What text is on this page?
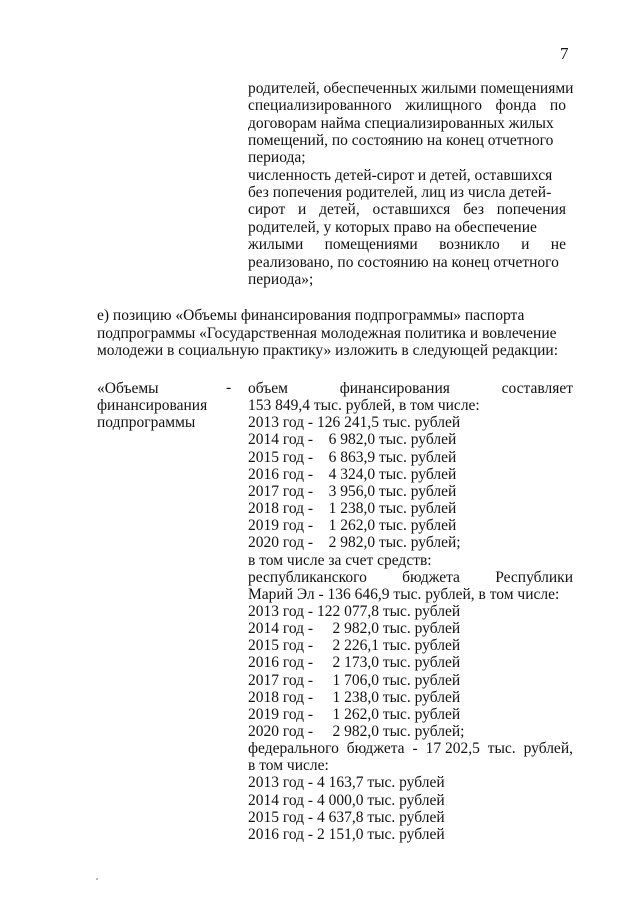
7
родителей, обеспеченных жилыми помещениями
специализированного жилищного фонда по
договорам найма специализированных жилых
помещений, по состоянию на конец отчетного
периода;
численность детей-сирот и детей, оставшихся
без попечения родителей, лиц из числа детей-
сирот и детей, оставшихся без попечения
родителей, у которых право на обеспечение
жилыми помещениями возникло и не
реализовано, по состоянию на конец отчетного
периода»;
е) позицию «Объемы финансирования подпрограммы» паспорта
подпрограммы «Государственная молодежная политика и вовлечение
молодежи в социальную практику» изложить в следующей редакции:
«Объемы
финансирования
подпрограммы
- объем	финансирования	составляет
153 849,4 тыс. рублей, в том числе:
2013 год - 126 241,5 тыс. рублей
2014 год -    6 982,0 тыс. рублей
2015 год -    6 863,9 тыс. рублей
2016 год -    4 324,0 тыс. рублей
2017 год -    3 956,0 тыс. рублей
2018 год -    1 238,0 тыс. рублей
2019 год -    1 262,0 тыс. рублей
2020 год -    2 982,0 тыс. рублей;
в том числе за счет средств:
республиканского бюджета Республики
Марий Эл - 136 646,9 тыс. рублей, в том числе:
2013 год - 122 077,8 тыс. рублей
2014 год -     2 982,0 тыс. рублей
2015 год -     2 226,1 тыс. рублей
2016 год -     2 173,0 тыс. рублей
2017 год -     1 706,0 тыс. рублей
2018 год -     1 238,0 тыс. рублей
2019 год -     1 262,0 тыс. рублей
2020 год -     2 982,0 тыс. рублей;
федерального бюджета - 17 202,5 тыс. рублей,
в том числе:
2013 год - 4 163,7 тыс. рублей
2014 год - 4 000,0 тыс. рублей
2015 год - 4 637,8 тыс. рублей
2016 год - 2 151,0 тыс. рублей
